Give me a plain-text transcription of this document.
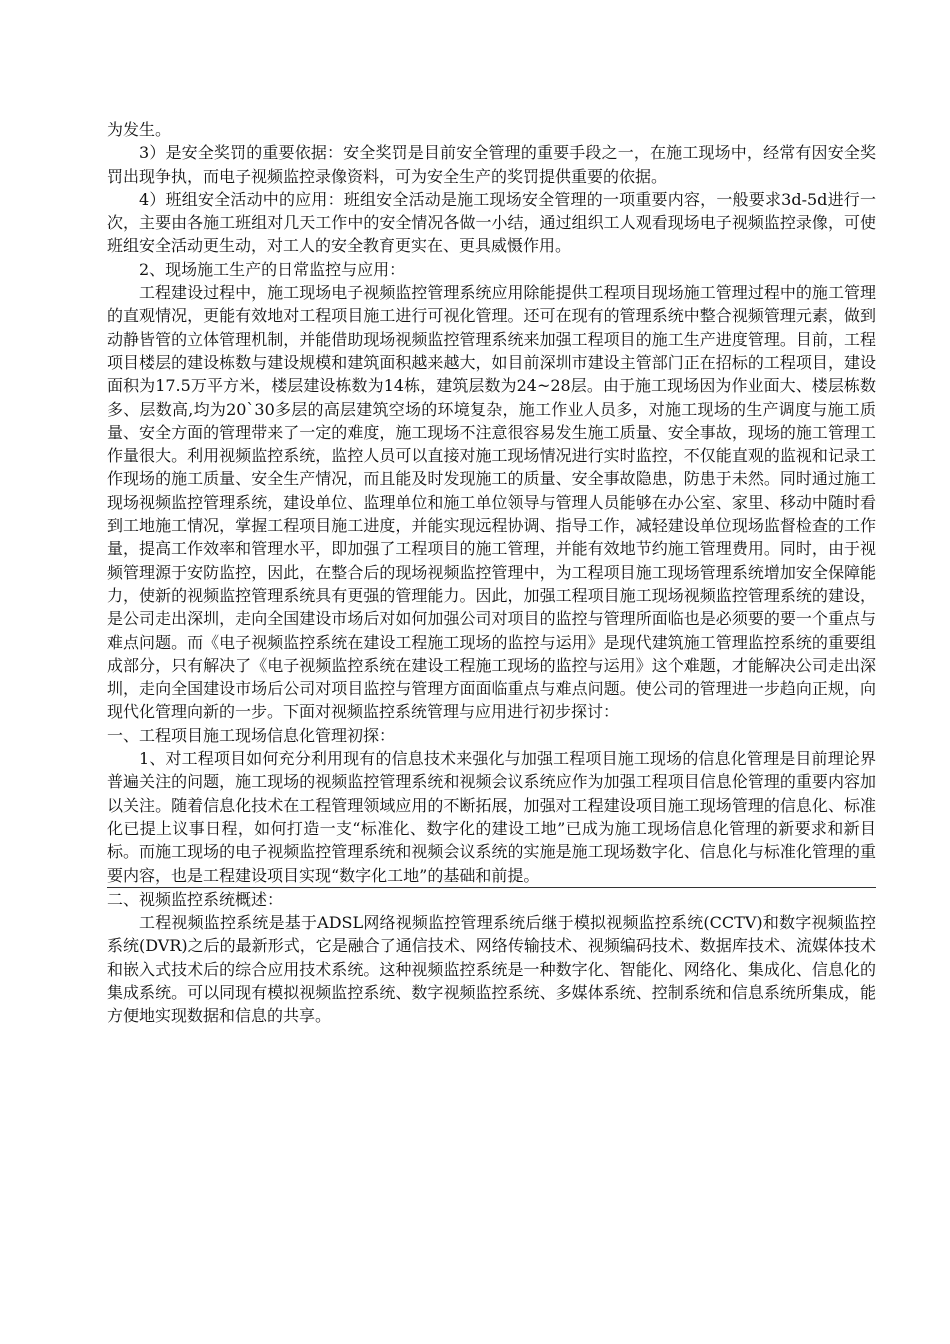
为发生。

3）是安全奖罚的重要依据：安全奖罚是目前安全管理的重要手段之一，在施工现场中，经常有因安全奖罚出现争执，而电子视频监控录像资料，可为安全生产的奖罚提供重要的依据。

4）班组安全活动中的应用：班组安全活动是施工现场安全管理的一项重要内容，一般要求3d-5d进行一次，主要由各施工班组对几天工作中的安全情况各做一小结，通过组织工人观看现场电子视频监控录像，可使班组安全活动更生动，对工人的安全教育更实在、更具威慑作用。

2、现场施工生产的日常监控与应用：

工程建设过程中，施工现场电子视频监控管理系统应用除能提供工程项目现场施工管理过程中的施工管理的直观情况，更能有效地对工程项目施工进行可视化管理。还可在现有的管理系统中整合视频管理元素，做到动静皆管的立体管理机制，并能借助现场视频监控管理系统来加强工程项目的施工生产进度管理。目前，工程项目楼层的建设栋数与建设规模和建筑面积越来越大，如目前深圳市建设主管部门正在招标的工程项目，建设面积为17.5万平方米，楼层建设栋数为14栋，建筑层数为24~28层。由于施工现场因为作业面大、楼层栋数多、层数高,均为20`30多层的高层建筑空场的环境复杂，施工作业人员多，对施工现场的生产调度与施工质量、安全方面的管理带来了一定的难度，施工现场不注意很容易发生施工质量、安全事故，现场的施工管理工作量很大。利用视频监控系统，监控人员可以直接对施工现场情况进行实时监控，不仅能直观的监视和记录工作现场的施工质量、安全生产情况，而且能及时发现施工的质量、安全事故隐患，防患于未然。同时通过施工现场视频监控管理系统，建设单位、监理单位和施工单位领导与管理人员能够在办公室、家里、移动中随时看到工地施工情况，掌握工程项目施工进度，并能实现远程协调、指导工作，减轻建设单位现场监督检查的工作量，提高工作效率和管理水平，即加强了工程项目的施工管理，并能有效地节约施工管理费用。同时，由于视频管理源于安防监控，因此，在整合后的现场视频监控管理中，为工程项目施工现场管理系统增加安全保障能力，使新的视频监控管理系统具有更强的管理能力。因此，加强工程项目施工现场视频监控管理系统的建设，是公司走出深圳，走向全国建设市场后对如何加强公司对项目的监控与管理所面临也是必须要的要一个重点与难点问题。而《电子视频监控系统在建设工程施工现场的监控与运用》是现代建筑施工管理监控系统的重要组成部分，只有解决了《电子视频监控系统在建设工程施工现场的监控与运用》这个难题，才能解决公司走出深圳，走向全国建设市场后公司对项目监控与管理方面面临重点与难点问题。使公司的管理进一步趋向正规，向现代化管理向新的一步。下面对视频监控系统管理与应用进行初步探讨：

一、工程项目施工现场信息化管理初探：

1、对工程项目如何充分利用现有的信息技术来强化与加强工程项目施工现场的信息化管理是目前理论界普遍关注的问题，施工现场的视频监控管理系统和视频会议系统应作为加强工程项目信息伦管理的重要内容加以关注。随着信息化技术在工程管理领域应用的不断拓展，加强对工程建设项目施工现场管理的信息化、标准化已提上议事日程，如何打造一支“标准化、数字化的建设工地”已成为施工现场信息化管理的新要求和新目标。而施工现场的电子视频监控管理系统和视频会议系统的实施是施工现场数字化、信息化与标准化管理的重要内容，也是工程建设项目实现“数字化工地”的基础和前提。

二、视频监控系统概述：

工程视频监控系统是基于ADSL网络视频监控管理系统后继于模拟视频监控系统(CCTV)和数字视频监控系统(DVR)之后的最新形式，它是融合了通信技术、网络传输技术、视频编码技术、数据库技术、流媒体技术和嵌入式技术后的综合应用技术系统。这种视频监控系统是一种数字化、智能化、网络化、集成化、信息化的集成系统。可以同现有模拟视频监控系统、数字视频监控系统、多媒体系统、控制系统和信息系统所集成，能方便地实现数据和信息的共享。
